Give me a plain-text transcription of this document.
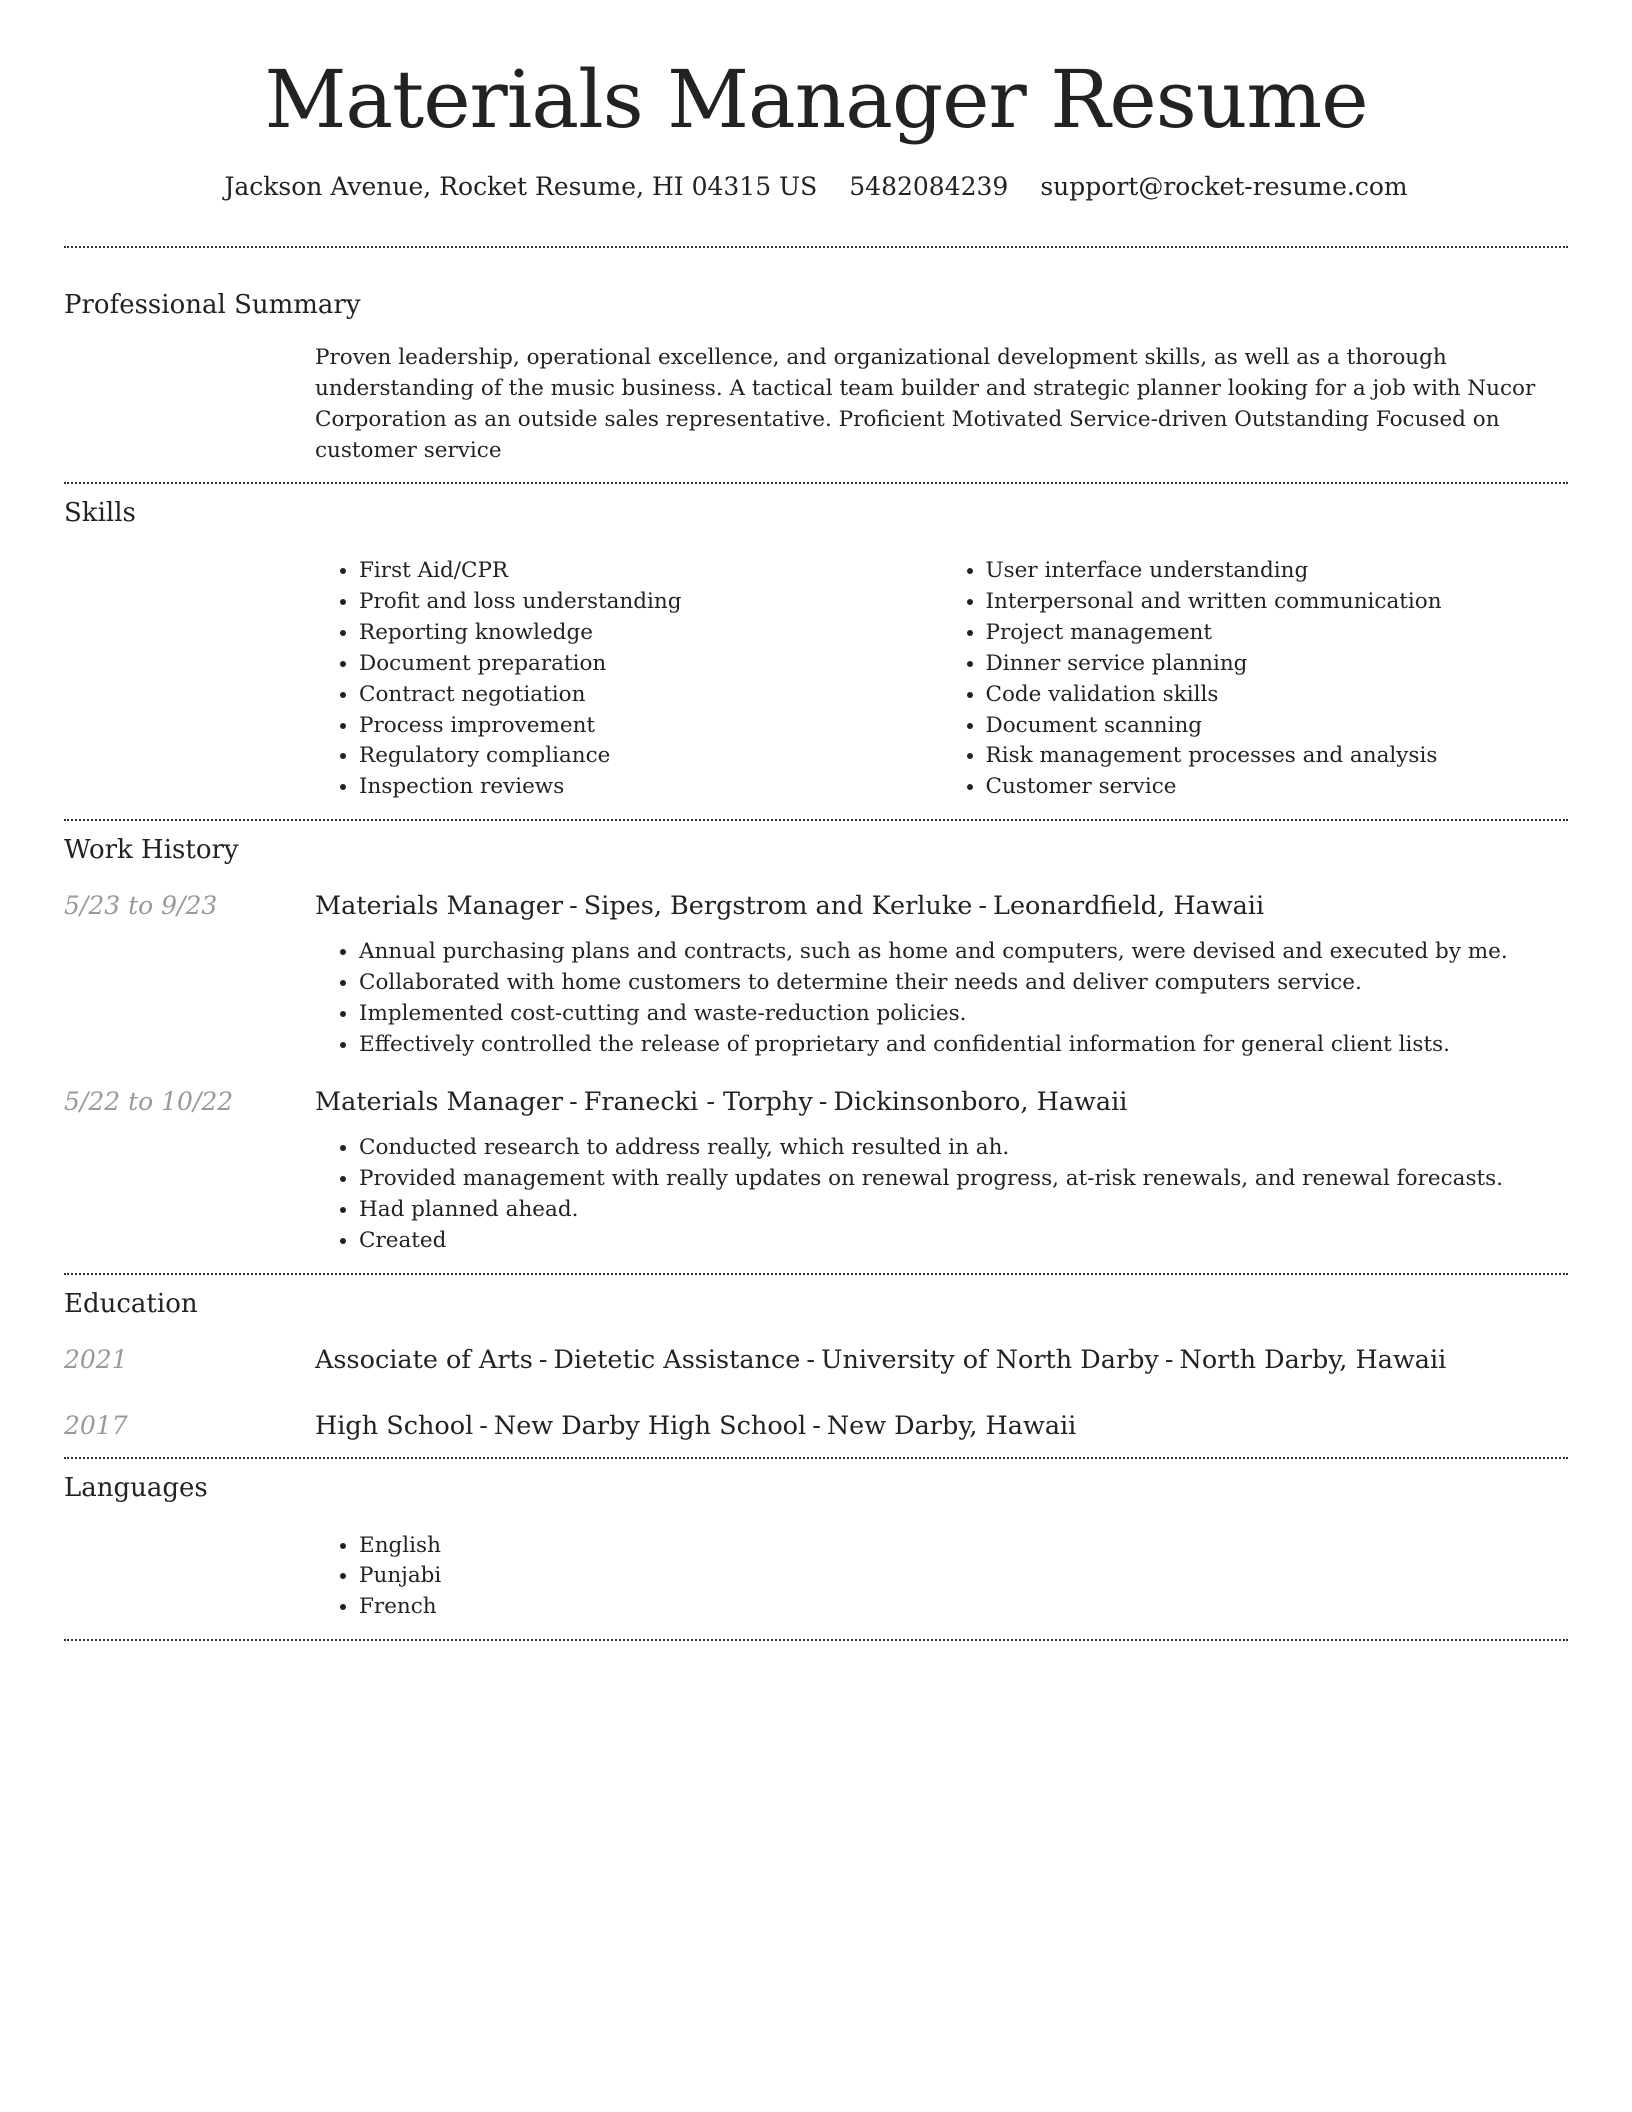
Materials Manager Resume
Jackson Avenue, Rocket Resume, HI 04315 US 5482084239 support@rocket-resume.com
Professional Summary

Proven leadership, operational excellence, and organizational development skills, as well as a thorough understanding of the music business. A tactical team builder and strategic planner looking for a job with Nucor Corporation as an outside sales representative. Proficient Motivated Service-driven Outstanding Focused on customer service

Skills
• First Aid/CPR
• Profit and loss understanding
• Reporting knowledge
• Document preparation
• Contract negotiation
• Process improvement
• Regulatory compliance
• Inspection reviews
• User interface understanding
• Interpersonal and written communication
• Project management
• Dinner service planning
• Code validation skills
• Document scanning
• Risk management processes and analysis
• Customer service
Work History
5/23 to 9/23	Materials Manager - Sipes, Bergstrom and Kerluke - Leonardfield, Hawaii
• Annual purchasing plans and contracts, such as home and computers, were devised and executed by me.
• Collaborated with home customers to determine their needs and deliver computers service.
• Implemented cost-cutting and waste-reduction policies.
• Effectively controlled the release of proprietary and confidential information for general client lists.
5/22 to 10/22	Materials Manager - Franecki - Torphy - Dickinsonboro, Hawaii
• Conducted research to address really, which resulted in ah.
• Provided management with really updates on renewal progress, at-risk renewals, and renewal forecasts.
• Had planned ahead.
• Created
Education
2021	Associate of Arts - Dietetic Assistance - University of North Darby - North Darby, Hawaii
2017	High School - New Darby High School - New Darby, Hawaii
Languages
• English
• Punjabi
• French
